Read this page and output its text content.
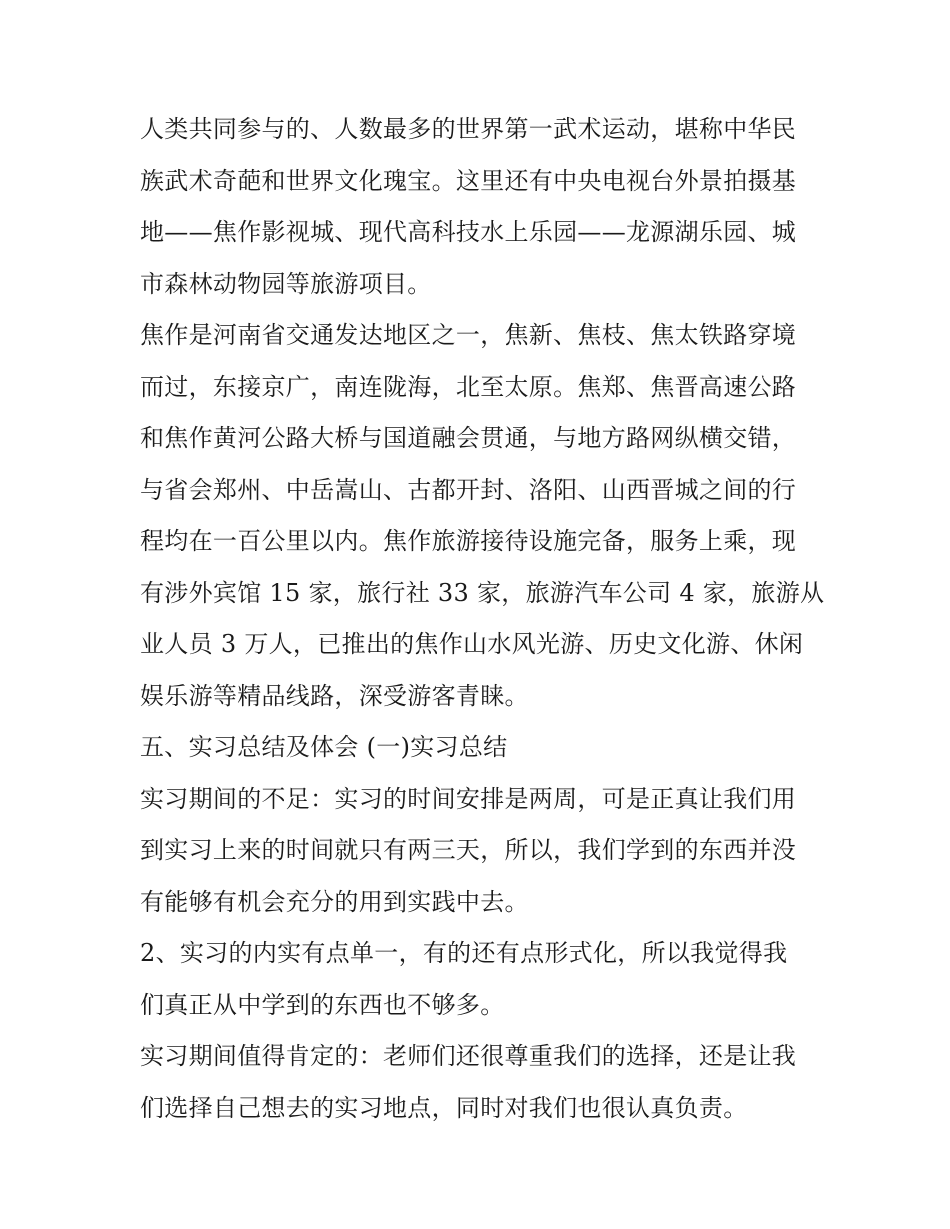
人类共同参与的、人数最多的世界第一武术运动，堪称中华民
族武术奇葩和世界文化瑰宝。这里还有中央电视台外景拍摄基
地——焦作影视城、现代高科技水上乐园——龙源湖乐园、城
市森林动物园等旅游项目。
焦作是河南省交通发达地区之一，焦新、焦枝、焦太铁路穿境
而过，东接京广，南连陇海，北至太原。焦郑、焦晋高速公路
和焦作黄河公路大桥与国道融会贯通，与地方路网纵横交错，
与省会郑州、中岳嵩山、古都开封、洛阳、山西晋城之间的行
程均在一百公里以内。焦作旅游接待设施完备，服务上乘，现
有涉外宾馆 15 家，旅行社 33 家，旅游汽车公司 4 家，旅游从
业人员 3 万人，已推出的焦作山水风光游、历史文化游、休闲
娱乐游等精品线路，深受游客青睐。
五、实习总结及体会 (一)实习总结
实习期间的不足：实习的时间安排是两周，可是正真让我们用
到实习上来的时间就只有两三天，所以，我们学到的东西并没
有能够有机会充分的用到实践中去。
2、实习的内实有点单一，有的还有点形式化，所以我觉得我
们真正从中学到的东西也不够多。
实习期间值得肯定的：老师们还很尊重我们的选择，还是让我
们选择自己想去的实习地点，同时对我们也很认真负责。
